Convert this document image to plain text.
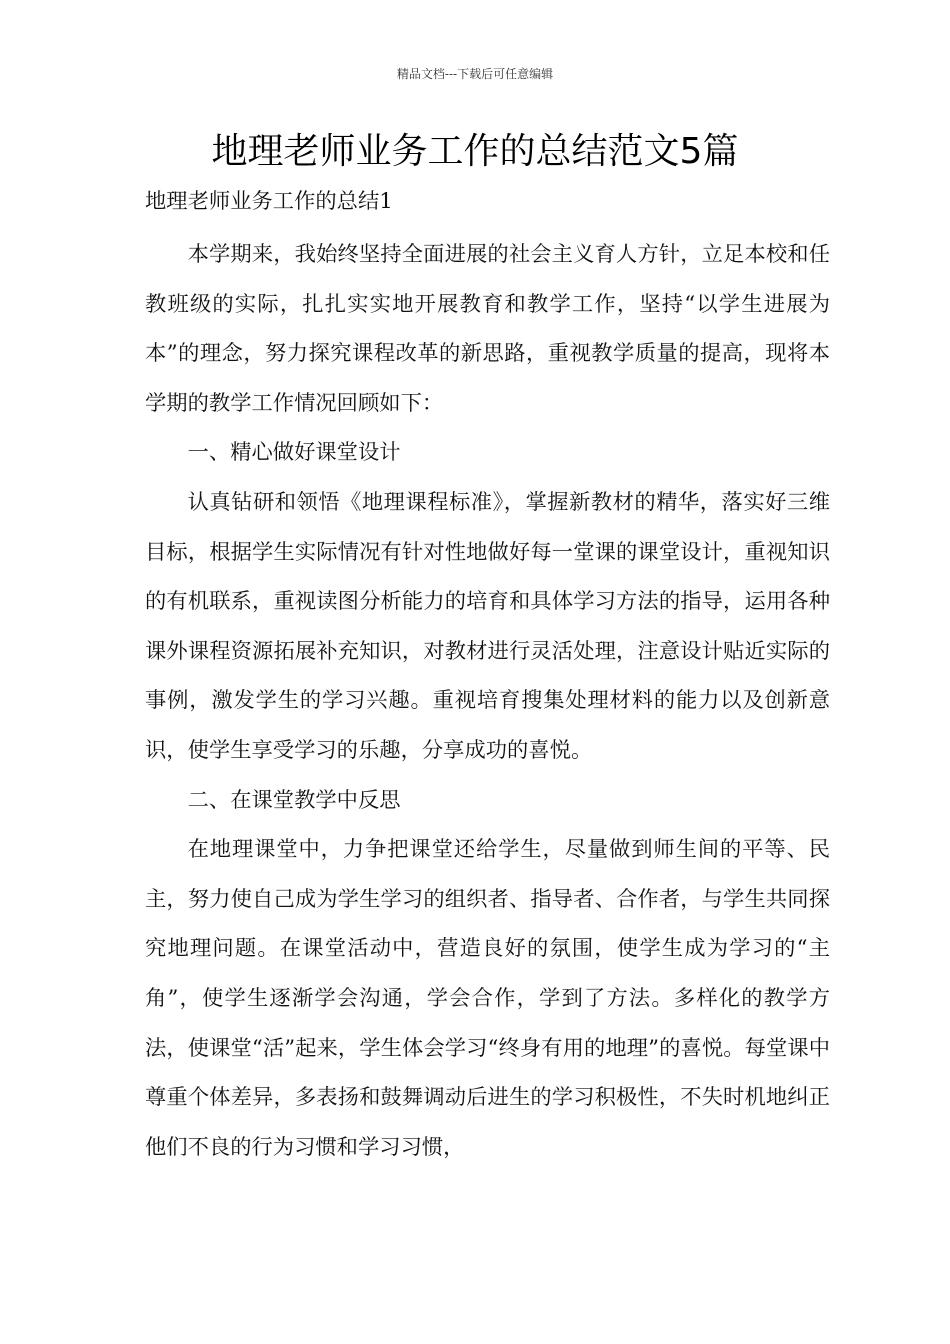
精品文档---下载后可任意编辑
地理老师业务工作的总结范文5篇

地理老师业务工作的总结1

本学期来，我始终坚持全面进展的社会主义育人方针，立足本校和任教班级的实际，扎扎实实地开展教育和教学工作，坚持“以学生进展为本”的理念，努力探究课程改革的新思路，重视教学质量的提高，现将本学期的教学工作情况回顾如下：

一、精心做好课堂设计

认真钻研和领悟《地理课程标准》，掌握新教材的精华，落实好三维目标，根据学生实际情况有针对性地做好每一堂课的课堂设计，重视知识的有机联系，重视读图分析能力的培育和具体学习方法的指导，运用各种课外课程资源拓展补充知识，对教材进行灵活处理，注意设计贴近实际的事例，激发学生的学习兴趣。重视培育搜集处理材料的能力以及创新意识，使学生享受学习的乐趣，分享成功的喜悦。

二、在课堂教学中反思

在地理课堂中，力争把课堂还给学生，尽量做到师生间的平等、民主，努力使自己成为学生学习的组织者、指导者、合作者，与学生共同探究地理问题。在课堂活动中，营造良好的氛围，使学生成为学习的“主角”，使学生逐渐学会沟通，学会合作，学到了方法。多样化的教学方法，使课堂“活”起来，学生体会学习“终身有用的地理”的喜悦。每堂课中尊重个体差异，多表扬和鼓舞调动后进生的学习积极性，不失时机地纠正他们不良的行为习惯和学习习惯，
